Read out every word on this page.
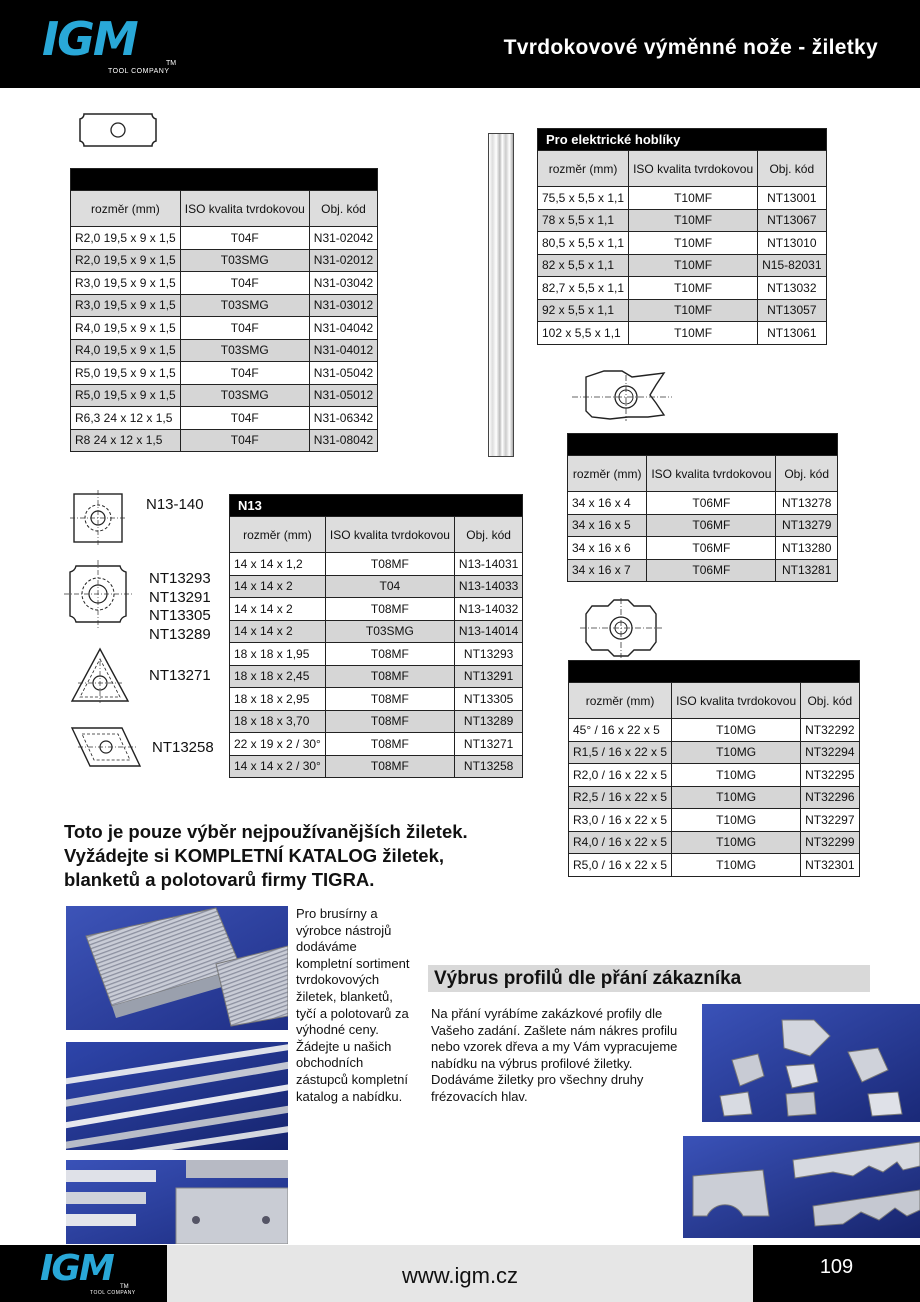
IGM	TM
TOOL COMPANY
Tvrdokovové výměnné nože - žiletky

rozměr (mm)	ISO kvalita tvrdokovou	Obj. kód
R2,0 19,5 x 9 x 1,5	T04F	N31-02042
R2,0 19,5 x 9 x 1,5	T03SMG	N31-02012
R3,0 19,5 x 9 x 1,5	T04F	N31-03042
R3,0 19,5 x 9 x 1,5	T03SMG	N31-03012
R4,0 19,5 x 9 x 1,5	T04F	N31-04042
R4,0 19,5 x 9 x 1,5	T03SMG	N31-04012
R5,0 19,5 x 9 x 1,5	T04F	N31-05042
R5,0 19,5 x 9 x 1,5	T03SMG	N31-05012
R6,3 24 x 12 x 1,5	T04F	N31-06342
R8 24 x 12 x 1,5	T04F	N31-08042
Pro elektrické hoblíky		
rozměr (mm)	ISO kvalita tvrdokovou	Obj. kód
75,5 x 5,5 x 1,1	T10MF	NT13001
78 x 5,5 x 1,1	T10MF	NT13067
80,5 x 5,5 x 1,1	T10MF	NT13010
82 x 5,5 x 1,1	T10MF	N15-82031
82,7 x 5,5 x 1,1	T10MF	NT13032
92 x 5,5 x 1,1	T10MF	NT13057
102 x 5,5 x 1,1	T10MF	NT13061

rozměr (mm)	ISO kvalita tvrdokovou	Obj. kód
34 x 16 x 4	T06MF	NT13278
34 x 16 x 5	T06MF	NT13279
34 x 16 x 6	T06MF	NT13280
34 x 16 x 7	T06MF	NT13281

rozměr (mm)	ISO kvalita tvrdokovou	Obj. kód
45° / 16 x 22 x 5	T10MG	NT32292
R1,5 / 16 x 22 x 5	T10MG	NT32294
R2,0 / 16 x 22 x 5	T10MG	NT32295
R2,5 / 16 x 22 x 5	T10MG	NT32296
R3,0 / 16 x 22 x 5	T10MG	NT32297
R4,0 / 16 x 22 x 5	T10MG	NT32299
R5,0 / 16 x 22 x 5	T10MG	NT32301
N13-140
NT13293
NT13291
NT13305
NT13289
NT13271
NT13258
N13		
rozměr (mm)	ISO kvalita tvrdokovou	Obj. kód
14 x 14 x 1,2	T08MF	N13-14031
14 x 14 x 2	T04	N13-14033
14 x 14 x 2	T08MF	N13-14032
14 x 14 x 2	T03SMG	N13-14014
18 x 18 x 1,95	T08MF	NT13293
18 x 18 x 2,45	T08MF	NT13291
18 x 18 x 2,95	T08MF	NT13305
18 x 18 x 3,70	T08MF	NT13289
22 x 19 x 2 / 30°	T08MF	NT13271
14 x 14 x 2 / 30°	T08MF	NT13258
Toto je pouze výběr nejpoužívanějších žiletek.
Vyžádejte si KOMPLETNÍ KATALOG žiletek,
blanketů a polotovarů firmy TIGRA.
Pro brusírny a výrobce nástrojů dodáváme kompletní sortiment tvrdokovových žiletek, blanketů, tyčí a polotovarů za výhodné ceny. Žádejte u našich obchodních zástupců kompletní katalog a nabídku.
Výbrus profilů dle přání zákazníka
Na přání vyrábíme zakázkové profily dle Vašeho zadání. Zašlete nám nákres profilu nebo vzorek dřeva a my Vám vypracujeme nabídku na výbrus profilové žiletky. Dodáváme žiletky pro všechny druhy frézovacích hlav.
IGM TM
TOOL COMPANY
www.igm.cz	109
